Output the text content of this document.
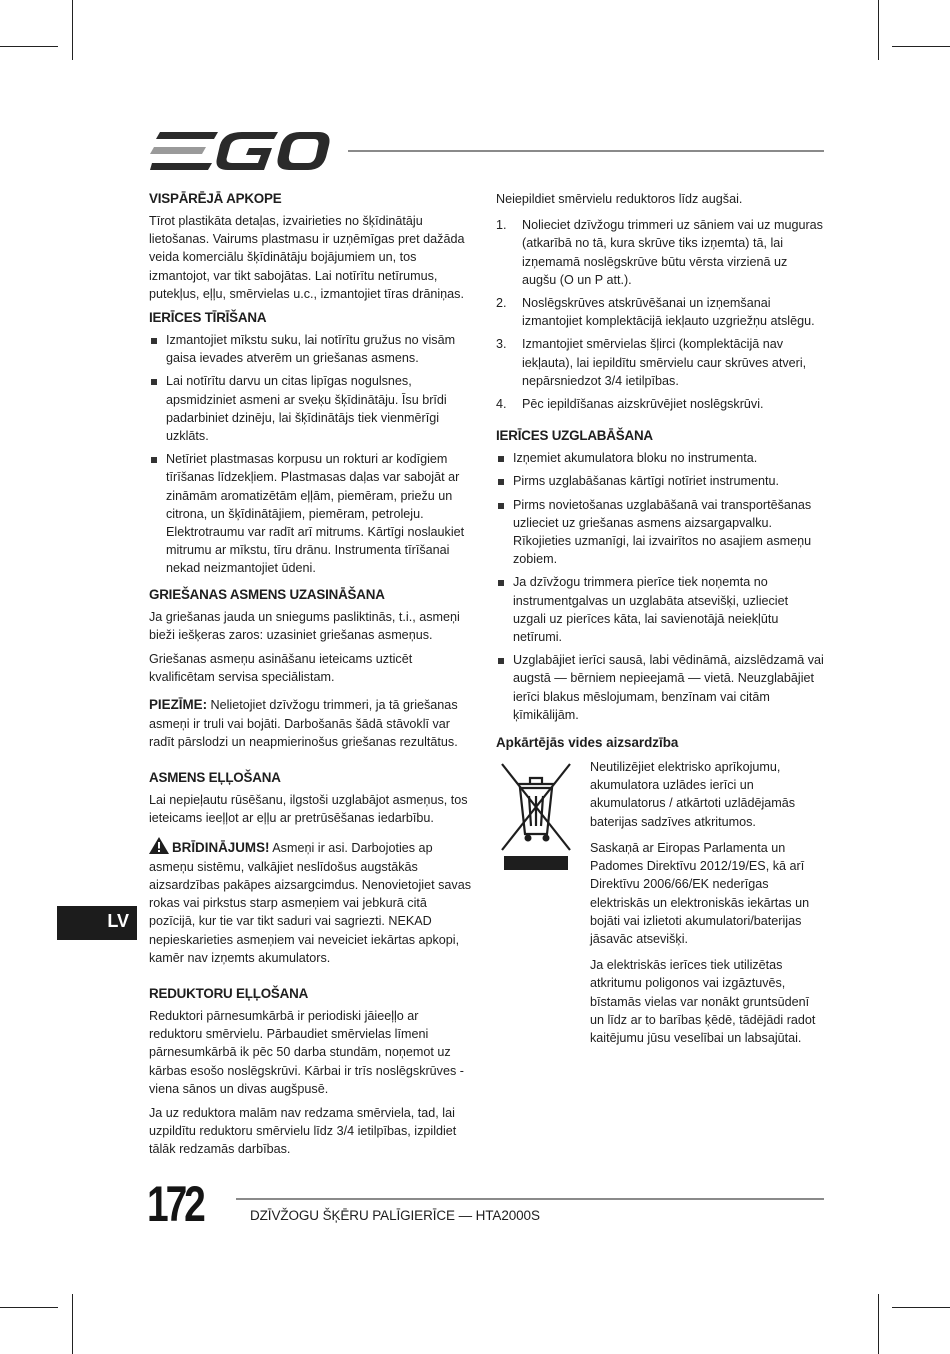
VISPĀRĒJĀ APKOPE

Tīrot plastikāta detaļas, izvairieties no šķīdinātāju lietošanas. Vairums plastmasu ir uzņēmīgas pret dažāda veida komerciālu šķīdinātāju bojājumiem un, tos izmantojot, var tikt sabojātas. Lai notīrītu netīrumus, putekļus, eļļu, smērvielas u.c., izmantojiet tīras drāniņas.

IERĪCES TĪRĪŠANA
Izmantojiet mīkstu suku, lai notīrītu gružus no visām gaisa ievades atverēm un griešanas asmens.
Lai notīrītu darvu un citas lipīgas nogulsnes, apsmidziniet asmeni ar sveķu šķīdinātāju. Īsu brīdi padarbiniet dzinēju, lai šķīdinātājs tiek vienmērīgi uzklāts.
Netīriet plastmasas korpusu un rokturi ar kodīgiem tīrīšanas līdzekļiem. Plastmasas daļas var sabojāt ar zināmām aromatizētām eļļām, piemēram, priežu un citrona, un šķīdinātājiem, piemēram, petroleju. Elektrotraumu var radīt arī mitrums. Kārtīgi noslaukiet mitrumu ar mīkstu, tīru drānu. Instrumenta tīrīšanai nekad neizmantojiet ūdeni.
GRIEŠANAS ASMENS UZASINĀŠANA

Ja griešanas jauda un sniegums pasliktinās, t.i., asmeņi bieži iešķeras zaros: uzasiniet griešanas asmeņus.

Griešanas asmeņu asināšanu ieteicams uzticēt kvalificētam servisa speciālistam.

PIEZĪME: Nelietojiet dzīvžogu trimmeri, ja tā griešanas asmeņi ir truli vai bojāti. Darbošanās šādā stāvoklī var radīt pārslodzi un neapmierinošus griešanas rezultātus.

ASMENS EĻĻOŠANA

Lai nepieļautu rūsēšanu, ilgstoši uzglabājot asmeņus, tos ieteicams ieeļļot ar eļļu ar pretrūsēšanas iedarbību.

BRĪDINĀJUMS! Asmeņi ir asi. Darbojoties ap asmeņu sistēmu, valkājiet neslīdošus augstākās aizsardzības pakāpes aizsargcimdus. Nenovietojiet savas rokas vai pirkstus starp asmeņiem vai jebkurā citā pozīcijā, kur tie var tikt saduri vai sagriezti. NEKAD nepieskarieties asmeņiem vai neveiciet iekārtas apkopi, kamēr nav izņemts akumulators.

REDUKTORU EĻĻOŠANA

Reduktori pārnesumkārbā ir periodiski jāieeļļo ar reduktoru smērvielu. Pārbaudiet smērvielas līmeni pārnesumkārbā ik pēc 50 darba stundām, noņemot uz kārbas esošo noslēgskrūvi. Kārbai ir trīs noslēgskrūves - viena sānos un divas augšpusē.

Ja uz reduktora malām nav redzama smērviela, tad, lai uzpildītu reduktoru smērvielu līdz 3/4 ietilpības, izpildiet tālāk redzamās darbības.

Neiepildiet smērvielu reduktoros līdz augšai.

1. Nolieciet dzīvžogu trimmeri uz sāniem vai uz muguras (atkarībā no tā, kura skrūve tiks izņemta) tā, lai izņemamā noslēgskrūve būtu vērsta virzienā uz augšu (O un P att.).
2. Noslēgskrūves atskrūvēšanai un izņemšanai izmantojiet komplektācijā iekļauto uzgriežņu atslēgu.
3. Izmantojiet smērvielas šļirci (komplektācijā nav iekļauta), lai iepildītu smērvielu caur skrūves atveri, nepārsniedzot 3/4 ietilpības.
4. Pēc iepildīšanas aizskrūvējiet noslēgskrūvi.
IERĪCES UZGLABĀŠANA
Izņemiet akumulatora bloku no instrumenta.
Pirms uzglabāšanas kārtīgi notīriet instrumentu.
Pirms novietošanas uzglabāšanā vai transportēšanas uzlieciet uz griešanas asmens aizsargapvalku. Rīkojieties uzmanīgi, lai izvairītos no asajiem asmeņu zobiem.
Ja dzīvžogu trimmera pierīce tiek noņemta no instrumentgalvas un uzglabāta atsevišķi, uzlieciet uzgali uz pierīces kāta, lai savienotājā neiekļūtu netīrumi.
Uzglabājiet ierīci sausā, labi vēdināmā, aizslēdzamā vai augstā — bērniem nepieejamā — vietā. Neuzglabājiet ierīci blakus mēslojumam, benzīnam vai citām ķīmikālijām.
Apkārtējās vides aizsardzība

Neutilizējiet elektrisko aprīkojumu, akumulatora uzlādes ierīci un akumulatorus / atkārtoti uzlādējamās baterijas sadzīves atkritumos.

Saskaņā ar Eiropas Parlamenta un Padomes Direktīvu 2012/19/ES, kā arī Direktīvu 2006/66/EK nederīgas elektriskās un elektroniskās iekārtas un bojāti vai izlietoti akumulatori/baterijas jāsavāc atsevišķi.

Ja elektriskās ierīces tiek utilizētas atkritumu poligonos vai izgāztuvēs, bīstamās vielas var nonākt gruntsūdenī un līdz ar to barības ķēdē, tādējādi radot kaitējumu jūsu veselībai un labsajūtai.

LV
172	DZĪVŽOGU ŠĶĒRU PALĪGIERĪCE — HTA2000S
